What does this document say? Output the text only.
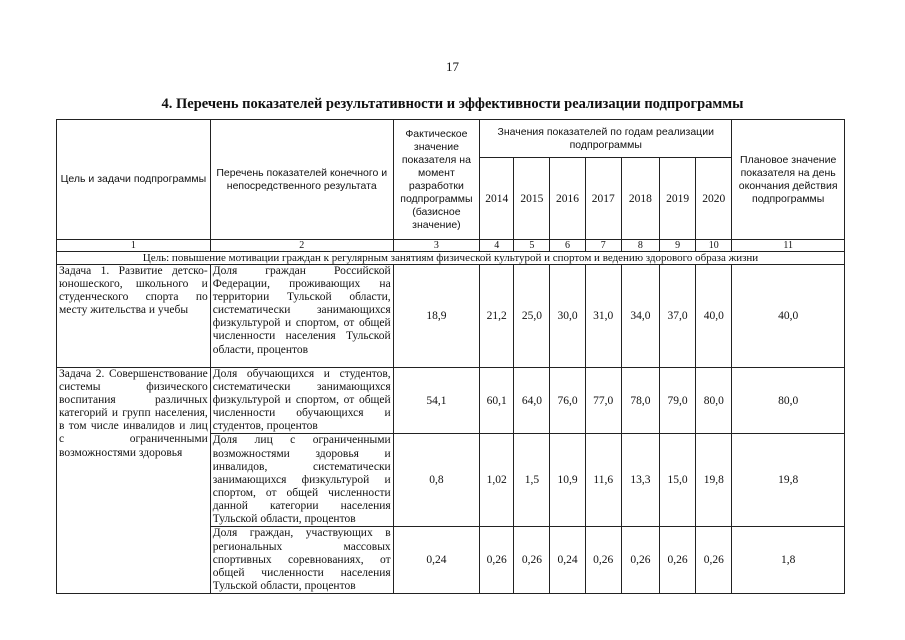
17
4. Перечень показателей результативности и эффективности реализации подпрограммы
Цель и задачи подпрограммы	Перечень показателей конечного и непосредственного результата	Фактическое значение показателя на момент разработки подпрограммы (базисное значение)	Значения показателей по годам реализации подпрограммы							Плановое значение показателя на день окончания действия подпрограммы
			2014	2015	2016	2017	2018	2019	2020	
1	2	3	4	5	6	7	8	9	10	11
Цель: повышение мотивации граждан к регулярным занятиям физической культурой и спортом и ведению здорового образа жизни										
Задача 1. Развитие детско-юношеского, школьного и студенческого спорта по месту жительства и учебы	Доля граждан Российской Федерации, проживающих на территории Тульской области, систематически занимающихся физкультурой и спортом, от общей численности населения Тульской области, процентов	18,9	21,2	25,0	30,0	31,0	34,0	37,0	40,0	40,0
Задача 2. Совершенствование системы физического воспитания различных категорий и групп населения, в том числе инвалидов и лиц с ограниченными возможностями здоровья	Доля обучающихся и студентов, систематически занимающихся физкультурой и спортом, от общей численности обучающихся и студентов, процентов	54,1	60,1	64,0	76,0	77,0	78,0	79,0	80,0	80,0
	Доля лиц с ограниченными возможностями здоровья и инвалидов, систематически занимающихся физкультурой и спортом, от общей численности данной категории населения Тульской области, процентов	0,8	1,02	1,5	10,9	11,6	13,3	15,0	19,8	19,8
	Доля граждан, участвующих в региональных массовых спортивных соревнованиях, от общей численности населения Тульской области, процентов	0,24	0,26	0,26	0,24	0,26	0,26	0,26	0,26	1,8
